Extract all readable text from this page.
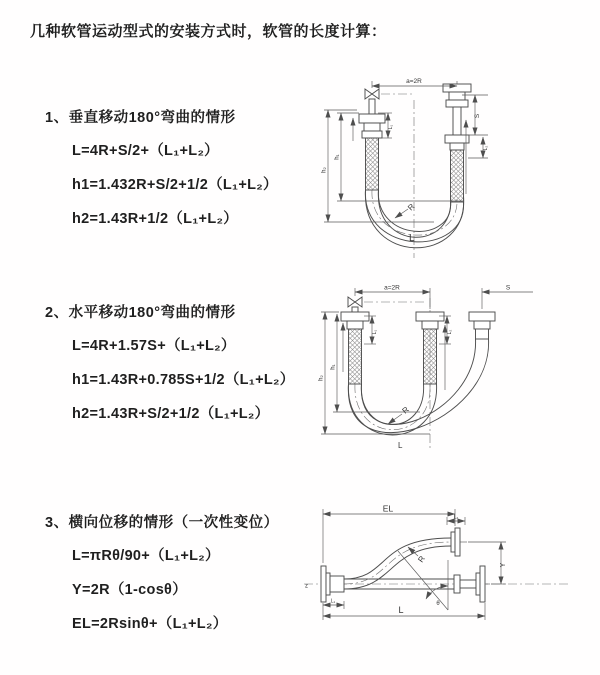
几种软管运动型式的安装方式时，软管的长度计算：
1、垂直移动180°弯曲的情形
L=4R+S/2+（L₁+L₂）
h1=1.432R+S/2+1/2（L₁+L₂）
h2=1.43R+1/2（L₁+L₂）
a=2R
h₁
h₂
L₁
S
L₂
R
L
2、水平移动180°弯曲的情形
L=4R+1.57S+（L₁+L₂）
h1=1.43R+0.785S+1/2（L₁+L₂）
h2=1.43R+S/2+1/2（L₁+L₂）
a=2R	S
h₁
h₂
L₁	L₂
R
L
3、横向位移的情形（一次性变位）
L=πRθ/90+（L₁+L₂）
Y=2R（1-cosθ）
EL=2Rsinθ+（L₁+L₂）
EL
L₂
Y
L₁
L
R
θ
z
